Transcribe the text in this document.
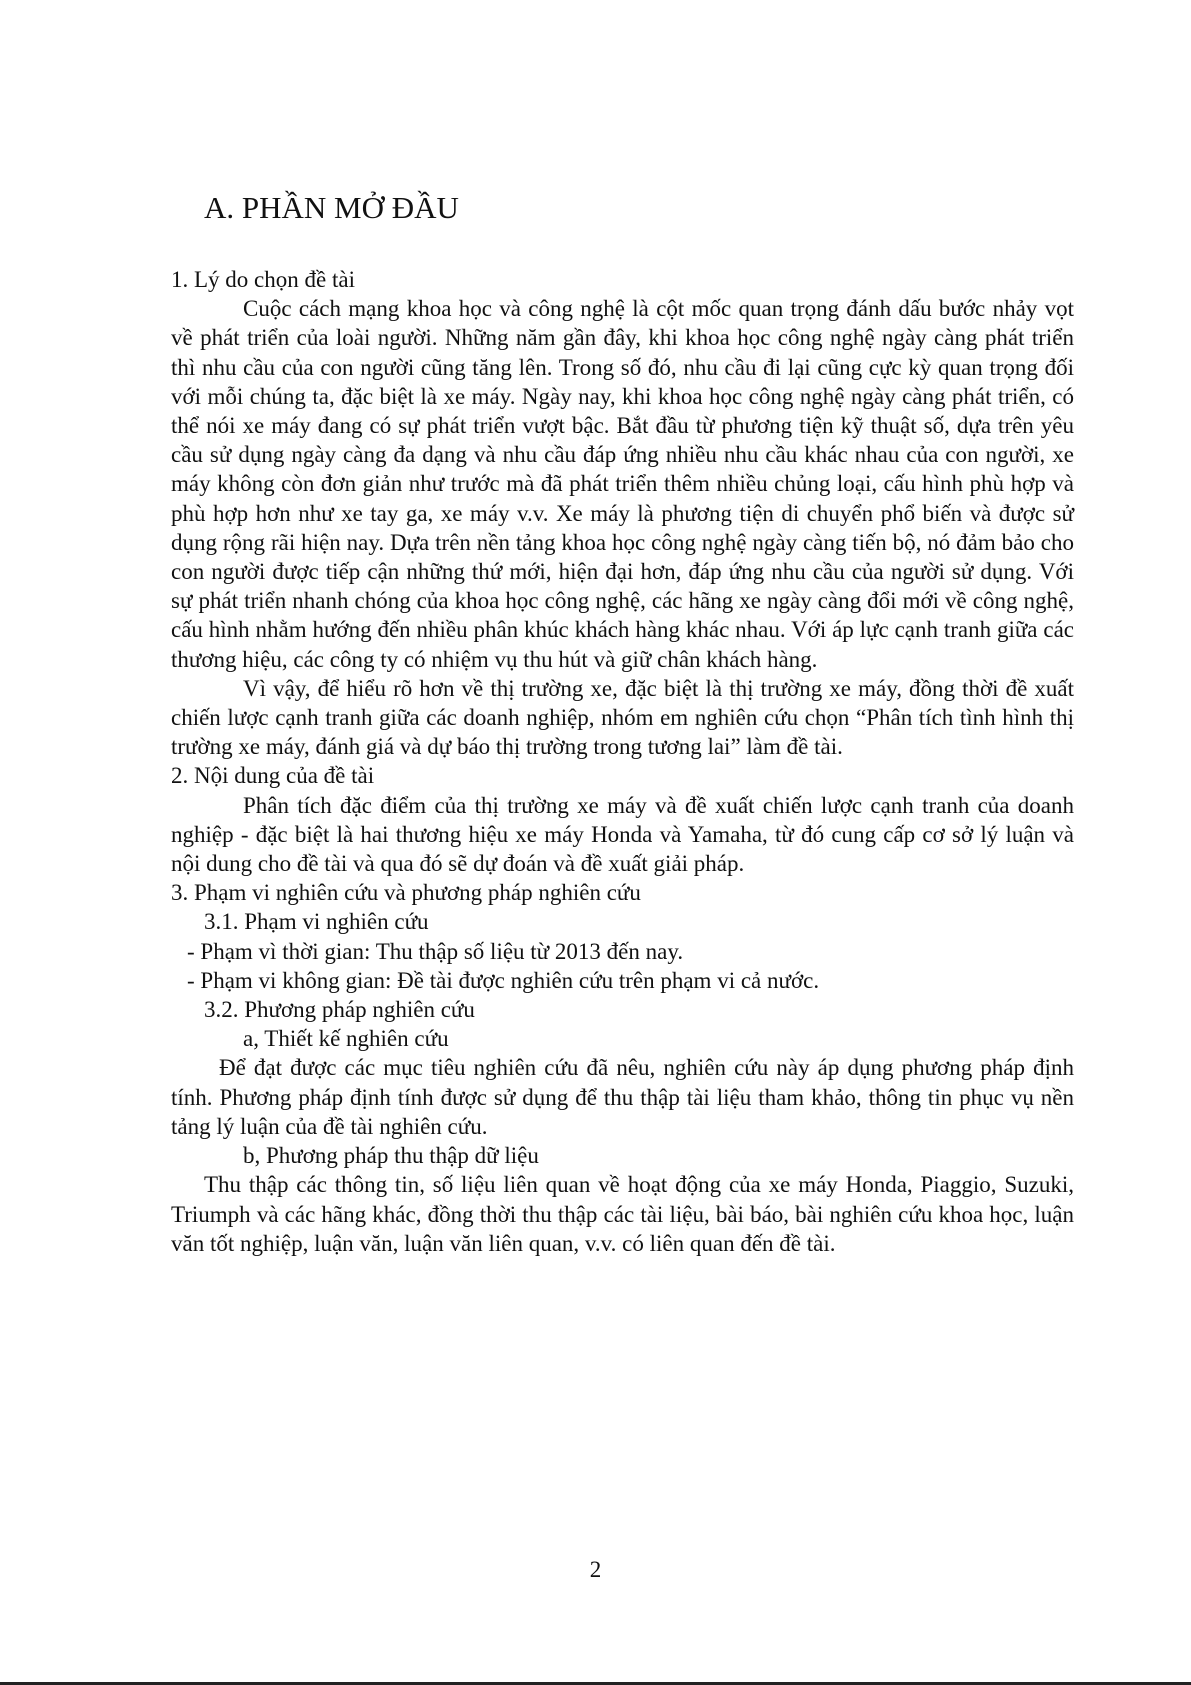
A. PHẦN MỞ ĐẦU

1. Lý do chọn đề tài

Cuộc cách mạng khoa học và công nghệ là cột mốc quan trọng đánh dấu bước nhảy vọt về phát triển của loài người. Những năm gần đây, khi khoa học công nghệ ngày càng phát triển thì nhu cầu của con người cũng tăng lên. Trong số đó, nhu cầu đi lại cũng cực kỳ quan trọng đối với mỗi chúng ta, đặc biệt là xe máy. Ngày nay, khi khoa học công nghệ ngày càng phát triển, có thể nói xe máy đang có sự phát triển vượt bậc. Bắt đầu từ phương tiện kỹ thuật số, dựa trên yêu cầu sử dụng ngày càng đa dạng và nhu cầu đáp ứng nhiều nhu cầu khác nhau của con người, xe máy không còn đơn giản như trước mà đã phát triển thêm nhiều chủng loại, cấu hình phù hợp và phù hợp hơn như xe tay ga, xe máy v.v. Xe máy là phương tiện di chuyển phổ biến và được sử dụng rộng rãi hiện nay. Dựa trên nền tảng khoa học công nghệ ngày càng tiến bộ, nó đảm bảo cho con người được tiếp cận những thứ mới, hiện đại hơn, đáp ứng nhu cầu của người sử dụng. Với sự phát triển nhanh chóng của khoa học công nghệ, các hãng xe ngày càng đổi mới về công nghệ, cấu hình nhằm hướng đến nhiều phân khúc khách hàng khác nhau. Với áp lực cạnh tranh giữa các thương hiệu, các công ty có nhiệm vụ thu hút và giữ chân khách hàng.

Vì vậy, để hiểu rõ hơn về thị trường xe, đặc biệt là thị trường xe máy, đồng thời đề xuất chiến lược cạnh tranh giữa các doanh nghiệp, nhóm em nghiên cứu chọn “Phân tích tình hình thị trường xe máy, đánh giá và dự báo thị trường trong tương lai” làm đề tài.

2. Nội dung của đề tài

Phân tích đặc điểm của thị trường xe máy và đề xuất chiến lược cạnh tranh của doanh nghiệp - đặc biệt là hai thương hiệu xe máy Honda và Yamaha, từ đó cung cấp cơ sở lý luận và nội dung cho đề tài và qua đó sẽ dự đoán và đề xuất giải pháp.

3. Phạm vi nghiên cứu và phương pháp nghiên cứu

3.1. Phạm vi nghiên cứu

- Phạm vì thời gian: Thu thập số liệu từ 2013 đến nay.

- Phạm vi không gian: Đề tài được nghiên cứu trên phạm vi cả nước.

3.2. Phương pháp nghiên cứu

a, Thiết kế nghiên cứu

Để đạt được các mục tiêu nghiên cứu đã nêu, nghiên cứu này áp dụng phương pháp định tính. Phương pháp định tính được sử dụng để thu thập tài liệu tham khảo, thông tin phục vụ nền tảng lý luận của đề tài nghiên cứu.

b, Phương pháp thu thập dữ liệu

Thu thập các thông tin, số liệu liên quan về hoạt động của xe máy Honda, Piaggio, Suzuki, Triumph và các hãng khác, đồng thời thu thập các tài liệu, bài báo, bài nghiên cứu khoa học, luận văn tốt nghiệp, luận văn, luận văn liên quan, v.v. có liên quan đến đề tài.

2
